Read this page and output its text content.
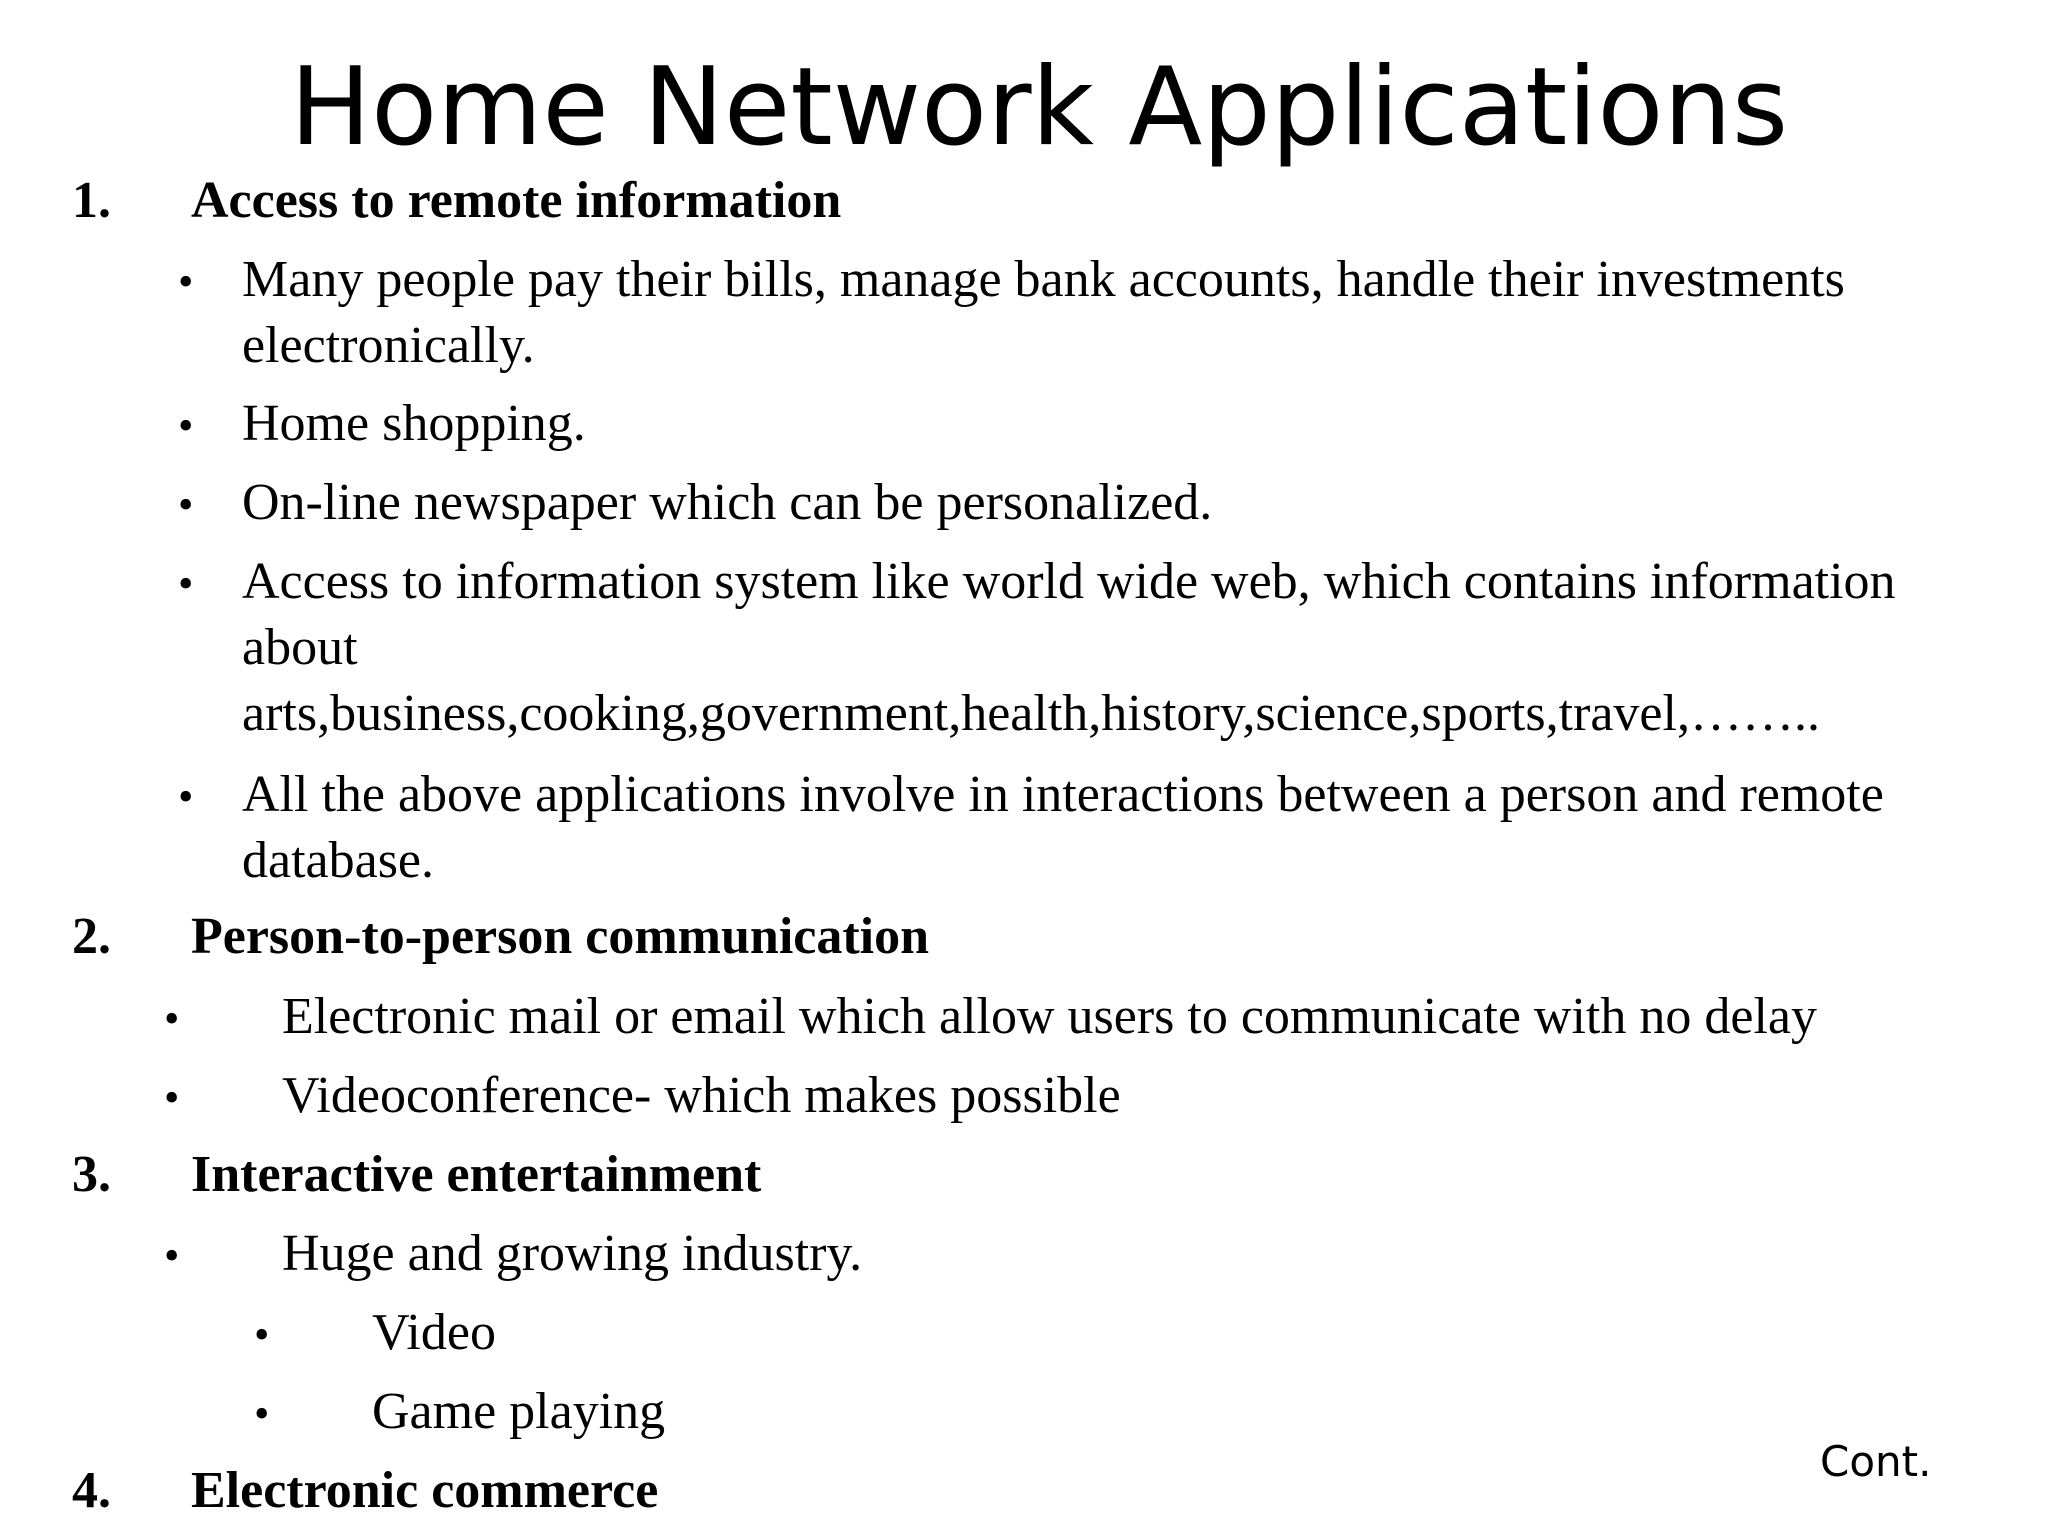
Home Network Applications
1. Access to remote information
• Many people pay their bills, manage bank accounts, handle their investments
electronically.
• Home shopping.
• On-line newspaper which can be personalized.
• Access to information system like world wide web, which contains information
about
arts,business,cooking,government,health,history,science,sports,travel,……..
• All the above applications involve in interactions between a person and remote
database.
2. Person-to-person communication
• Electronic mail or email which allow users to communicate with no delay
• Videoconference- which makes possible
3. Interactive entertainment
• Huge and growing industry.
• Video
• Game playing
4. Electronic commerce
Cont.
